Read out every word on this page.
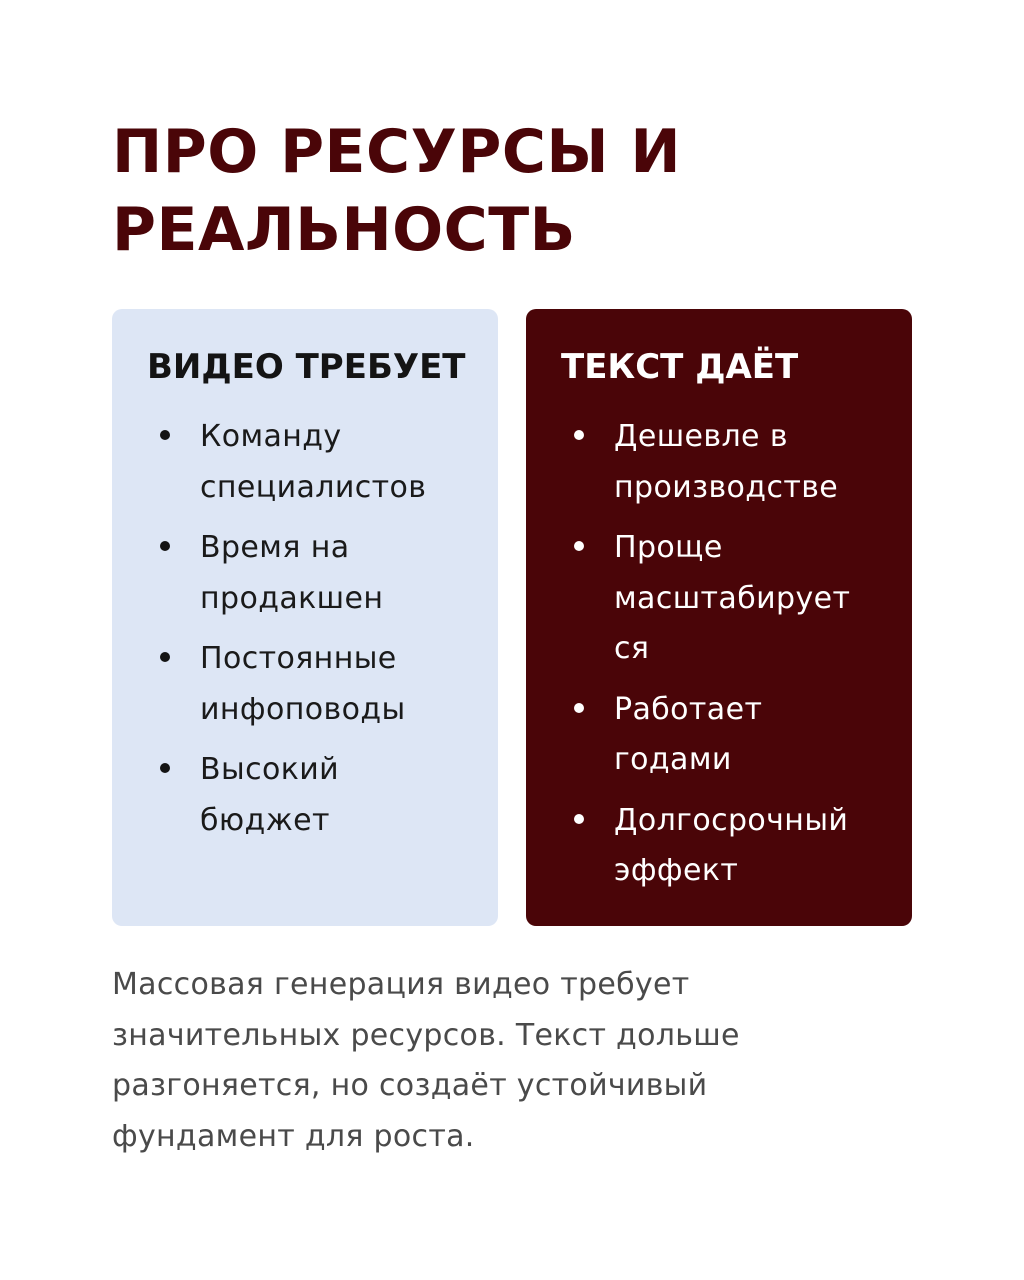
ПРО РЕСУРСЫ И
РЕАЛЬНОСТЬ
ВИДЕО ТРЕБУЕТ
Команду
специалистов
Время на
продакшен
Постоянные
инфоповоды
Высокий
бюджет
ТЕКСТ ДАЁТ
Дешевле в
производстве
Проще
масштабирует
ся
Работает
годами
Долгосрочный
эффект

Массовая генерация видео требует
значительных ресурсов. Текст дольше
разгоняется, но создаёт устойчивый
фундамент для роста.
